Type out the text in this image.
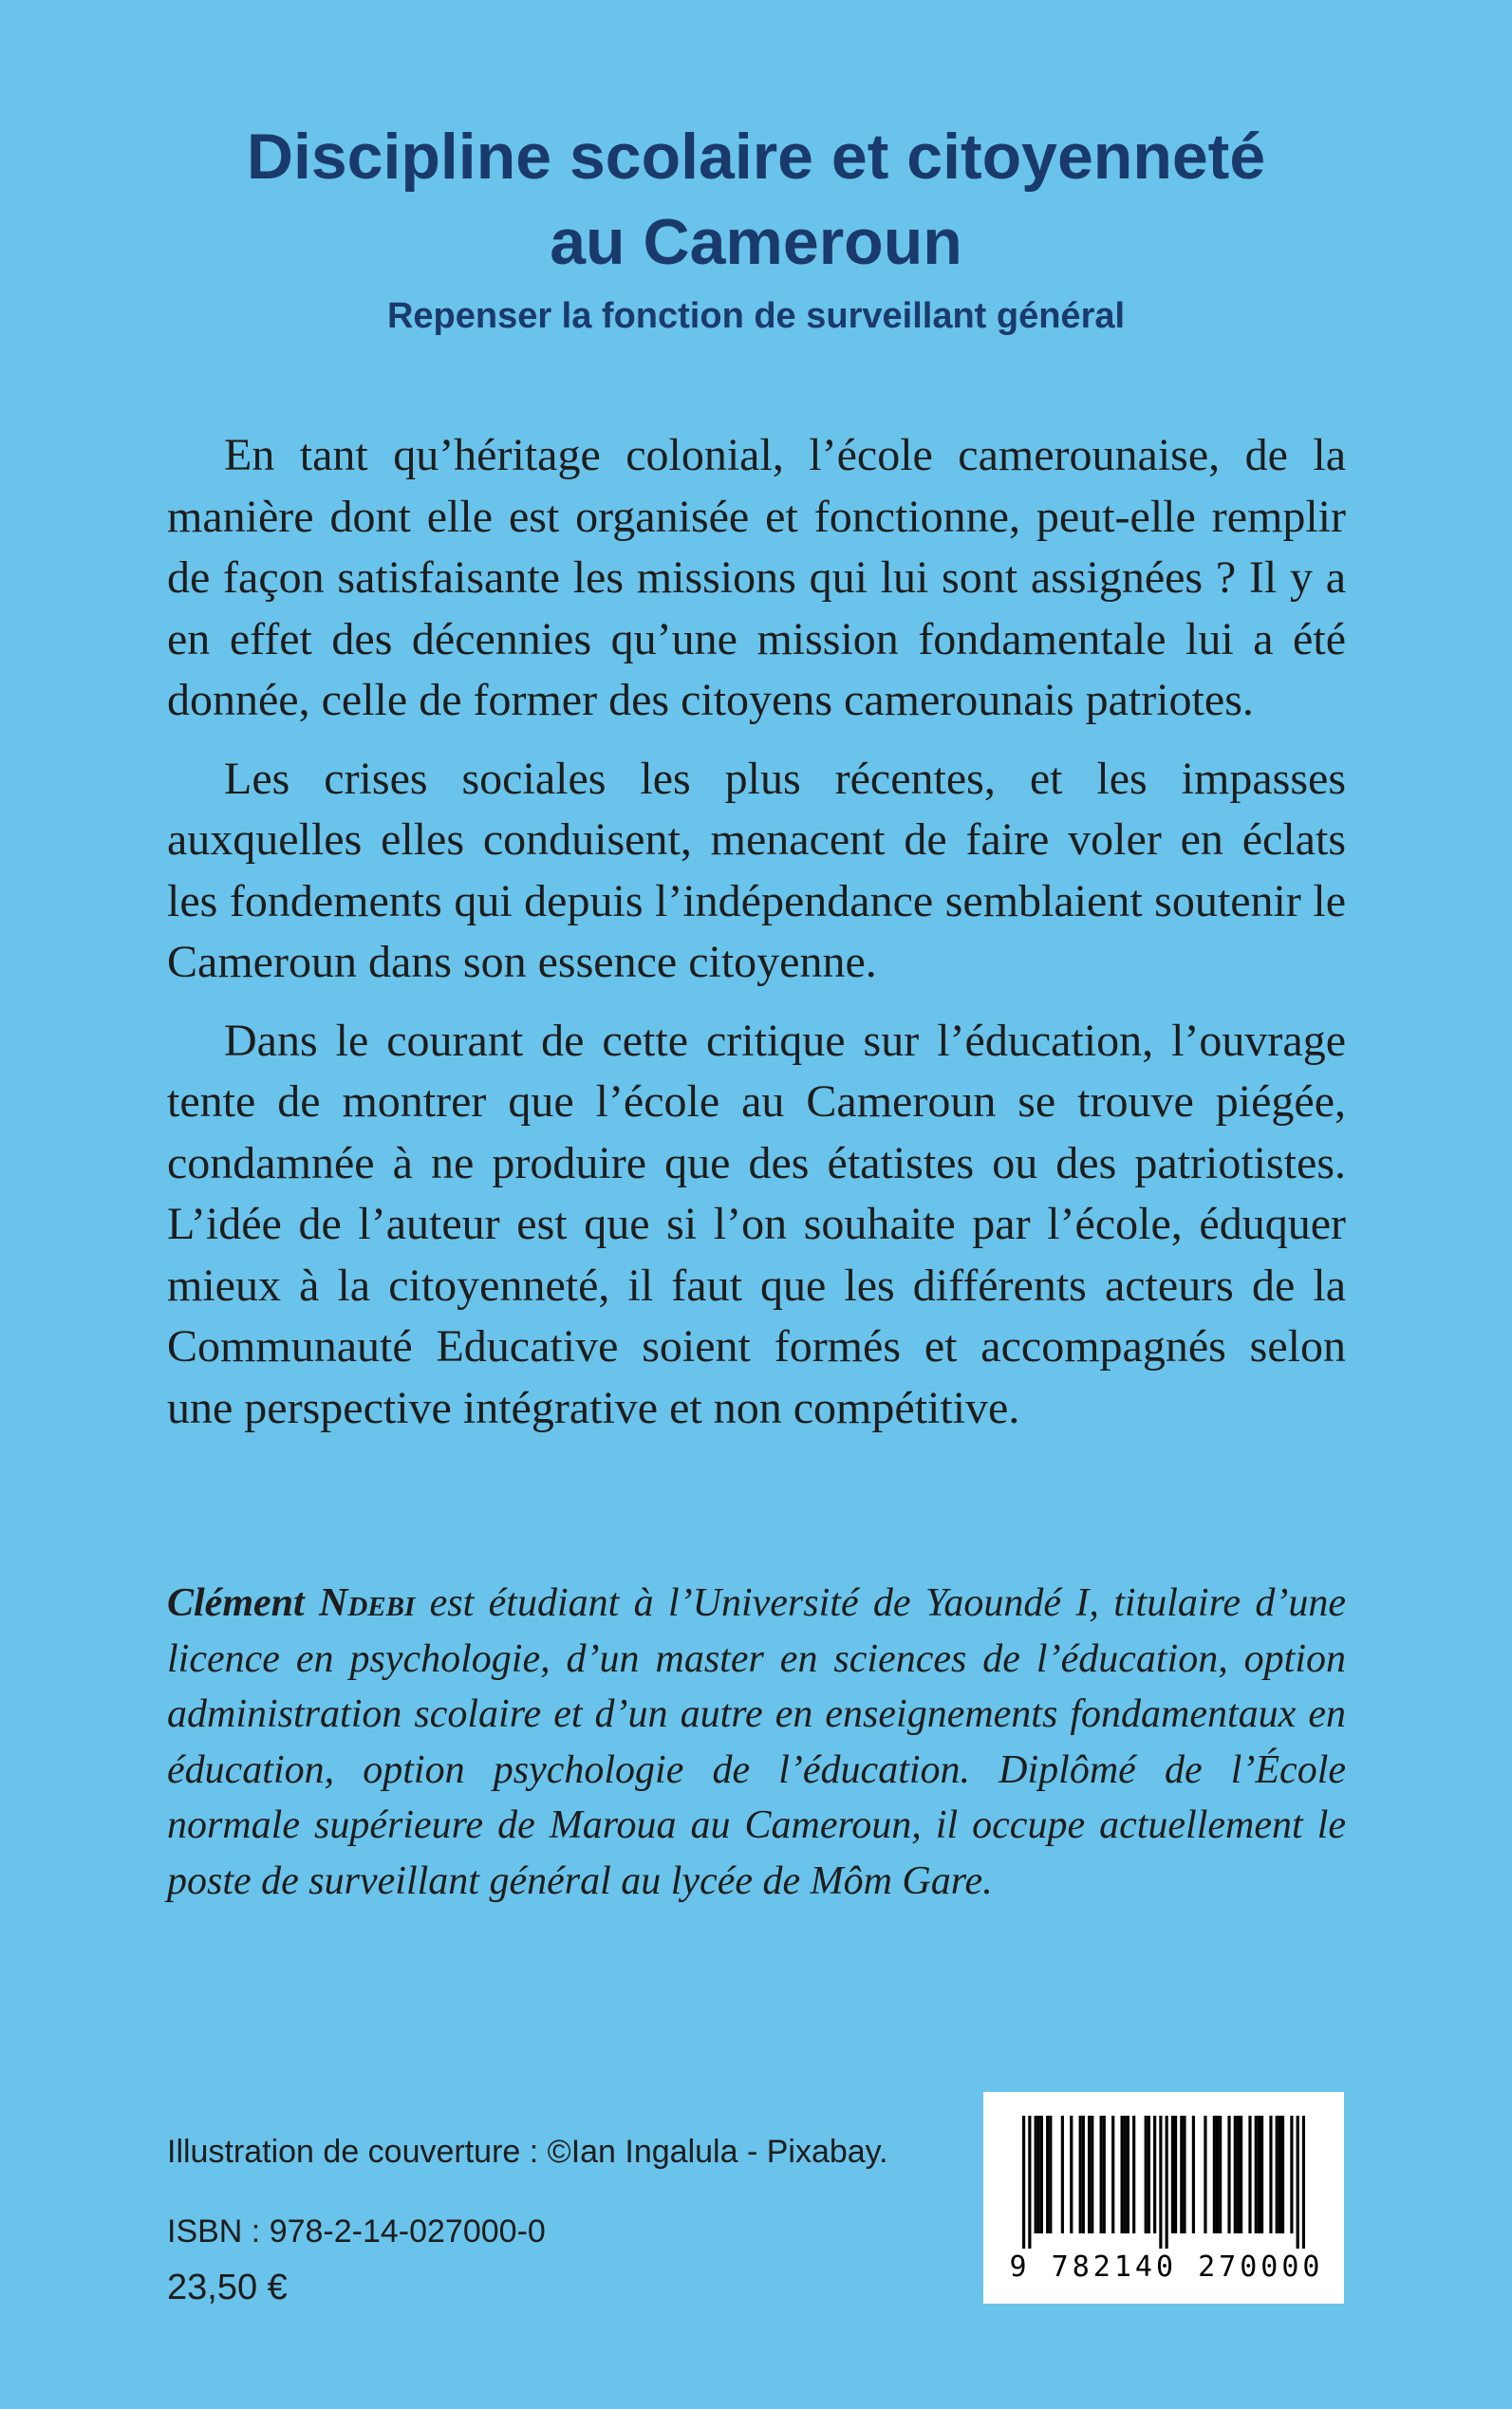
Discipline scolaire et citoyenneté
au Cameroun
Repenser la fonction de surveillant général

En tant qu’héritage colonial, l’école camerounaise, de la manière dont elle est organisée et fonctionne, peut-elle remplir de façon satisfaisante les missions qui lui sont assignées ? Il y a en effet des décennies qu’une mission fondamentale lui a été donnée, celle de former des citoyens camerounais patriotes.

Les crises sociales les plus récentes, et les impasses auxquelles elles conduisent, menacent de faire voler en éclats les fondements qui depuis l’indépendance semblaient soutenir le Cameroun dans son essence citoyenne.

Dans le courant de cette critique sur l’éducation, l’ouvrage tente de montrer que l’école au Cameroun se trouve piégée, condamnée à ne produire que des étatistes ou des patriotistes. L’idée de l’auteur est que si l’on souhaite par l’école, éduquer mieux à la citoyenneté, il faut que les différents acteurs de la Communauté Educative soient formés et accompagnés selon une perspective intégrative et non compétitive.

Clément Ndebi est étudiant à l’Université de Yaoundé I, titulaire d’une licence en psychologie, d’un master en sciences de l’éducation, option administration scolaire et d’un autre en enseignements fondamentaux en éducation, option psychologie de l’éducation. Diplômé de l’École normale supérieure de Maroua au Cameroun, il occupe actuellement le poste de surveillant général au lycée de Môm Gare.
Illustration de couverture : ©Ian Ingalula - Pixabay.
ISBN : 978-2-14-027000-0
23,50 €
9 782140 270000
